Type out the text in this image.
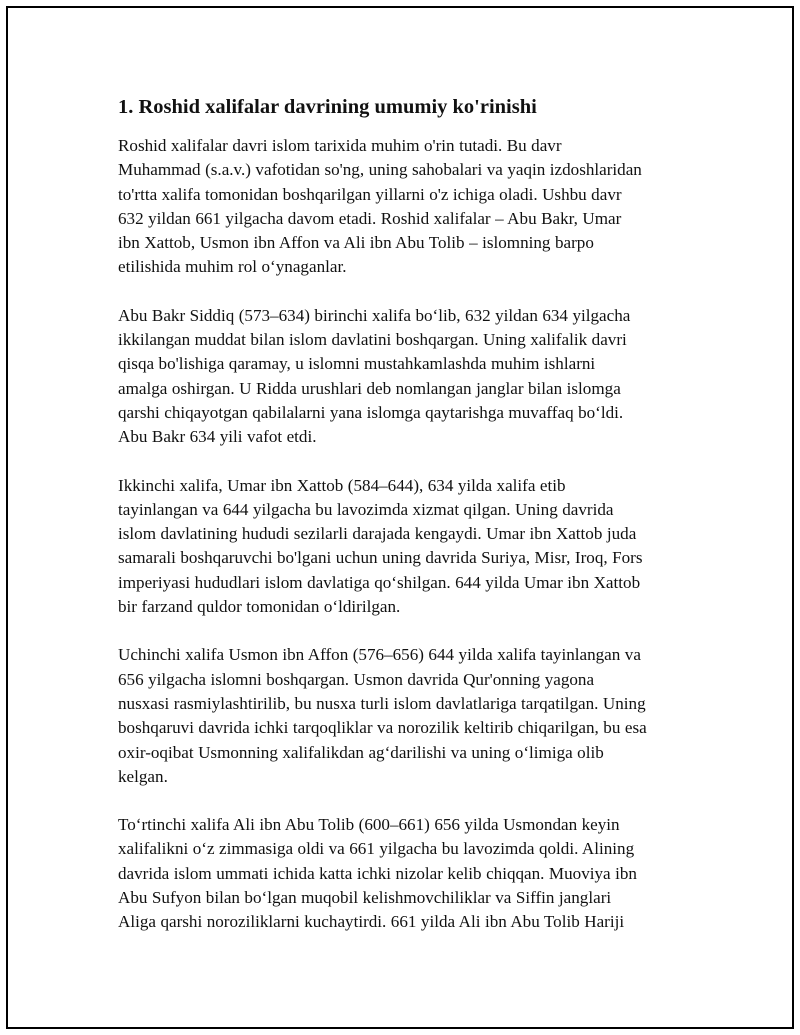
1. Roshid xalifalar davrining umumiy ko'rinishi

Roshid xalifalar davri islom tarixida muhim o'rin tutadi. Bu davr
Muhammad (s.a.v.) vafotidan so'ng, uning sahobalari va yaqin izdoshlaridan
to'rtta xalifa tomonidan boshqarilgan yillarni o'z ichiga oladi. Ushbu davr
632 yildan 661 yilgacha davom etadi. Roshid xalifalar – Abu Bakr, Umar
ibn Xattob, Usmon ibn Affon va Ali ibn Abu Tolib – islomning barpo
etilishida muhim rol o‘ynaganlar.

Abu Bakr Siddiq (573–634) birinchi xalifa bo‘lib, 632 yildan 634 yilgacha
ikkilangan muddat bilan islom davlatini boshqargan. Uning xalifalik davri
qisqa bo'lishiga qaramay, u islomni mustahkamlashda muhim ishlarni
amalga oshirgan. U Ridda urushlari deb nomlangan janglar bilan islomga
qarshi chiqayotgan qabilalarni yana islomga qaytarishga muvaffaq bo‘ldi.
Abu Bakr 634 yili vafot etdi.

Ikkinchi xalifa, Umar ibn Xattob (584–644), 634 yilda xalifa etib
tayinlangan va 644 yilgacha bu lavozimda xizmat qilgan. Uning davrida
islom davlatining hududi sezilarli darajada kengaydi. Umar ibn Xattob juda
samarali boshqaruvchi bo'lgani uchun uning davrida Suriya, Misr, Iroq, Fors
imperiyasi hududlari islom davlatiga qo‘shilgan. 644 yilda Umar ibn Xattob
bir farzand quldor tomonidan o‘ldirilgan.

Uchinchi xalifa Usmon ibn Affon (576–656) 644 yilda xalifa tayinlangan va
656 yilgacha islomni boshqargan. Usmon davrida Qur'onning yagona
nusxasi rasmiylashtirilib, bu nusxa turli islom davlatlariga tarqatilgan. Uning
boshqaruvi davrida ichki tarqoqliklar va norozilik keltirib chiqarilgan, bu esa
oxir-oqibat Usmonning xalifalikdan ag‘darilishi va uning o‘limiga olib
kelgan.

To‘rtinchi xalifa Ali ibn Abu Tolib (600–661) 656 yilda Usmondan keyin
xalifalikni o‘z zimmasiga oldi va 661 yilgacha bu lavozimda qoldi. Alining
davrida islom ummati ichida katta ichki nizolar kelib chiqqan. Muoviya ibn
Abu Sufyon bilan bo‘lgan muqobil kelishmovchiliklar va Siffin janglari
Aliga qarshi noroziliklarni kuchaytirdi. 661 yilda Ali ibn Abu Tolib Hariji
